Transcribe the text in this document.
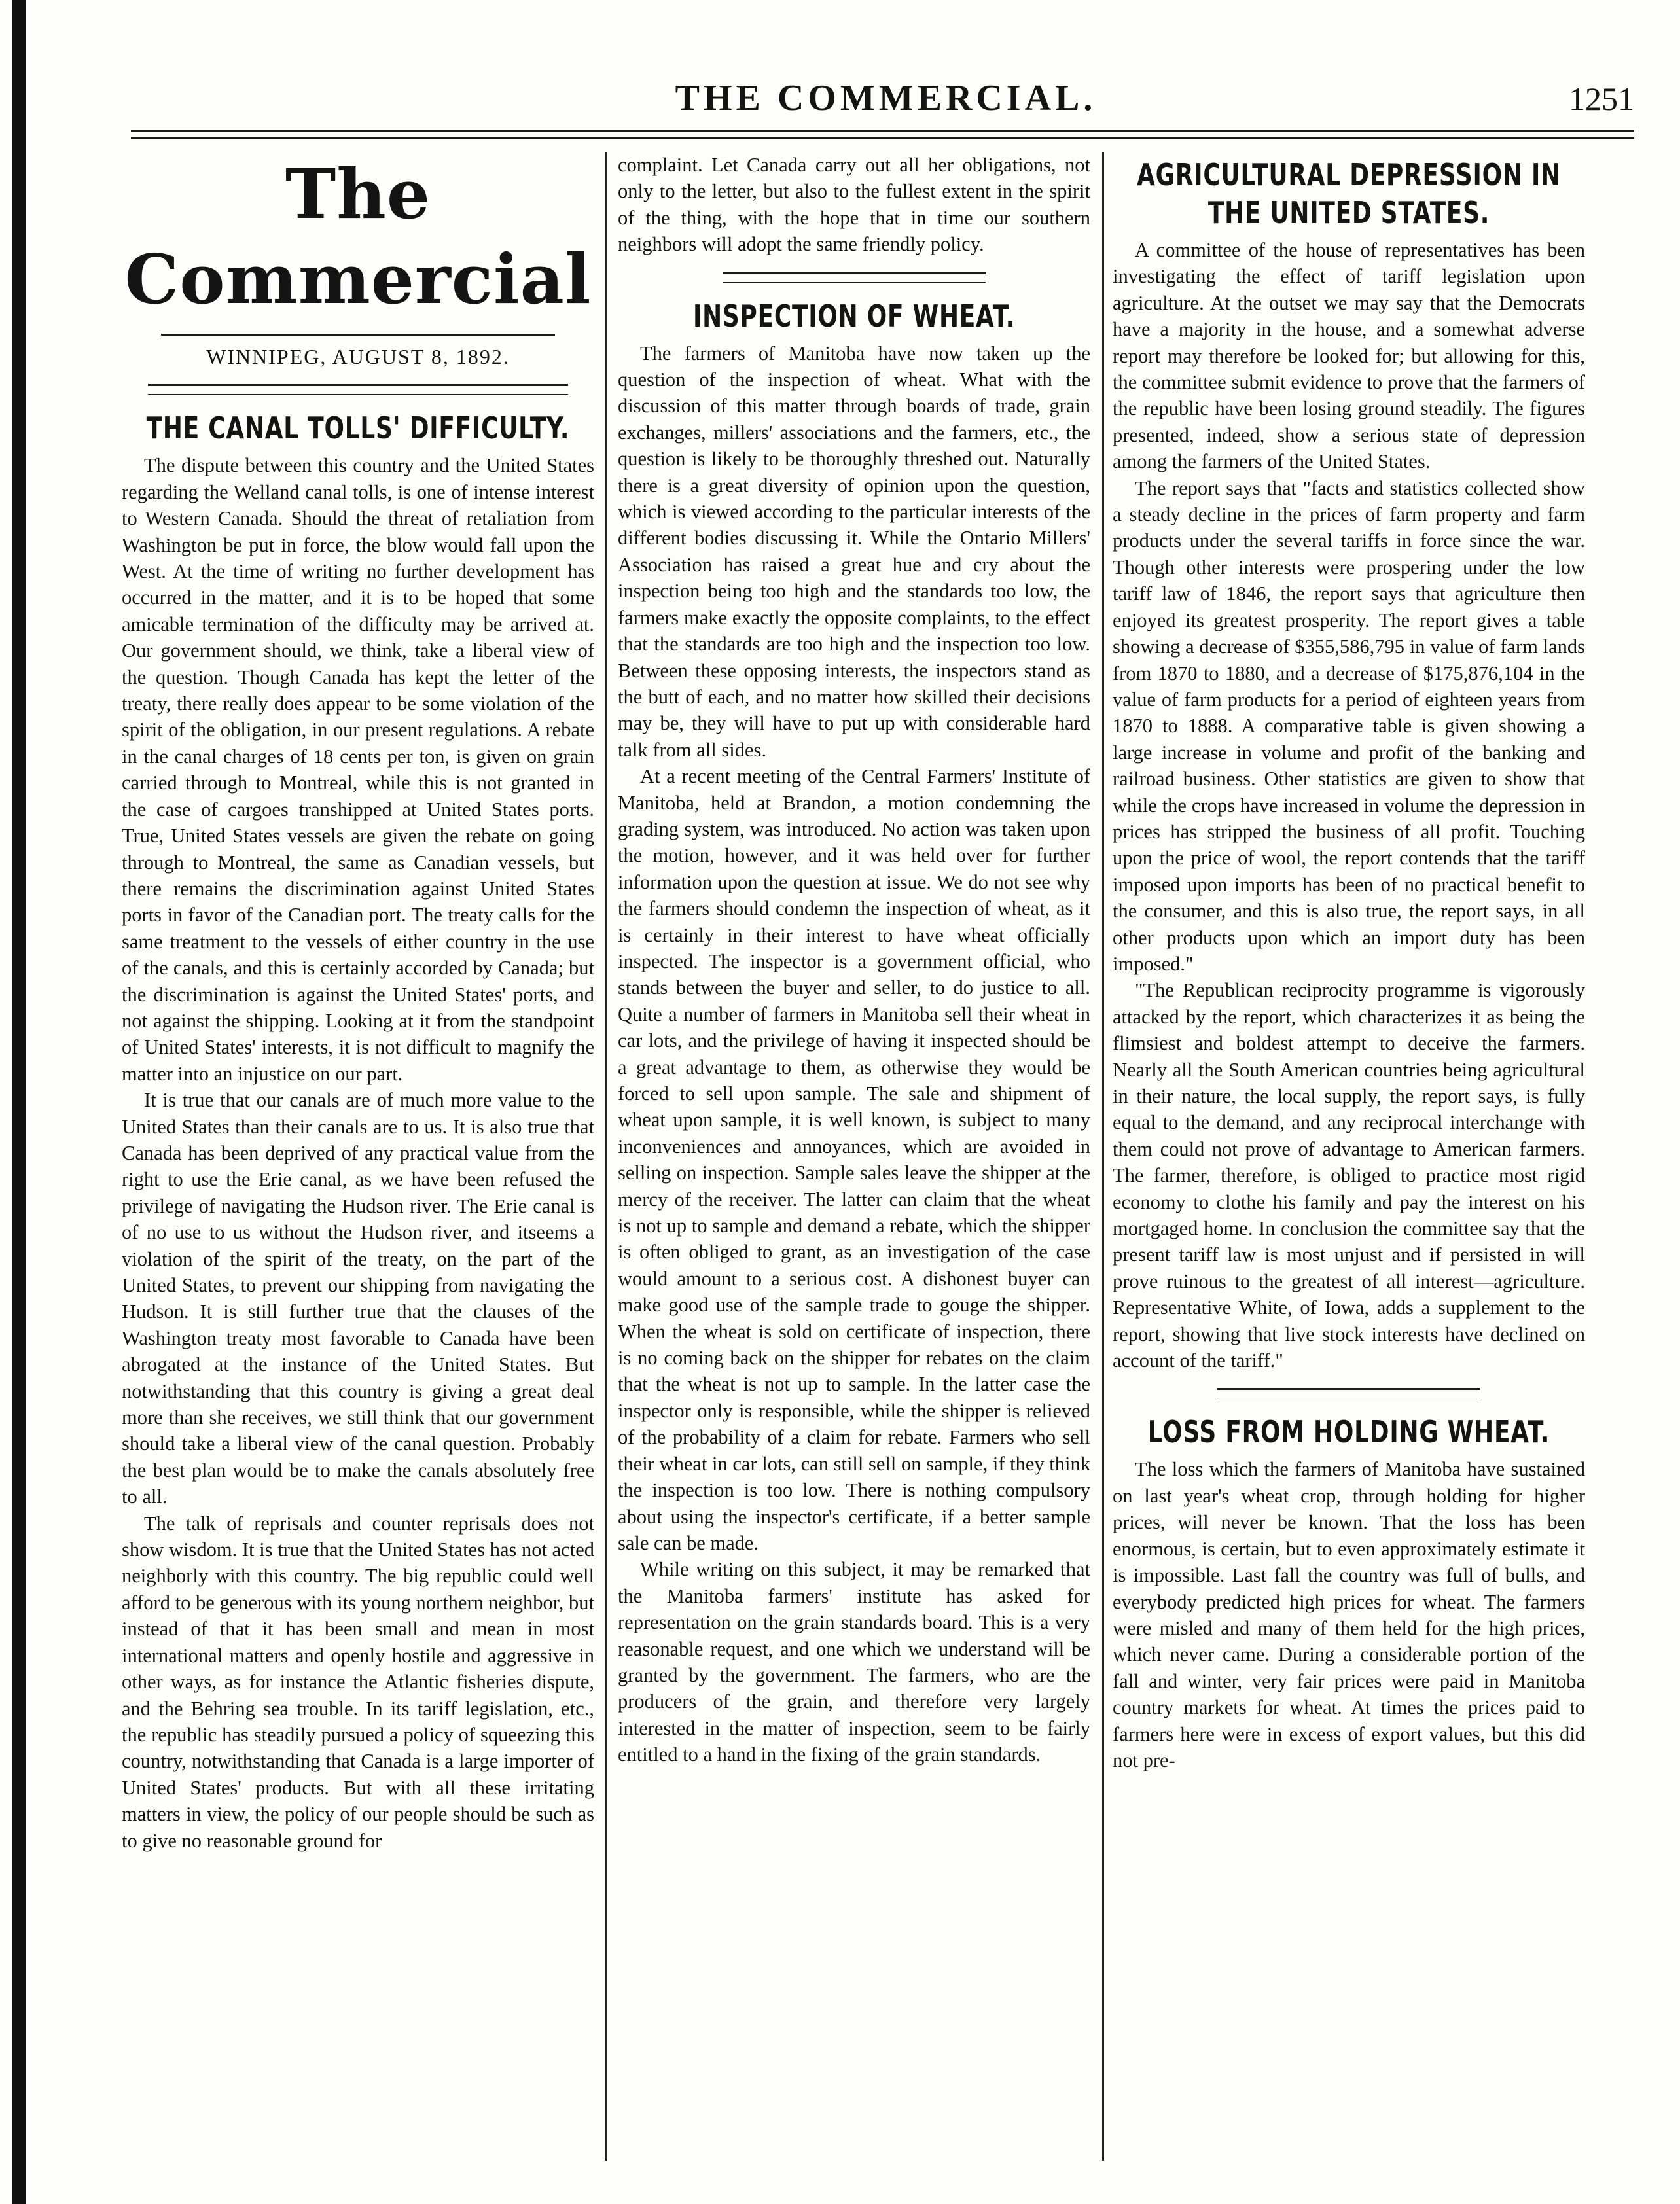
THE COMMERCIAL.	1251
The Commercial
WINNIPEG, AUGUST 8, 1892.
THE CANAL TOLLS' DIFFICULTY.

The dispute between this country and the United States regarding the Welland canal tolls, is one of intense interest to Western Canada. Should the threat of retaliation from Washington be put in force, the blow would fall upon the West. At the time of writing no further development has occurred in the matter, and it is to be hoped that some amicable termination of the difficulty may be arrived at. Our government should, we think, take a liberal view of the question. Though Canada has kept the letter of the treaty, there really does appear to be some violation of the spirit of the obligation, in our present regulations. A rebate in the canal charges of 18 cents per ton, is given on grain carried through to Montreal, while this is not granted in the case of cargoes transhipped at United States ports. True, United States vessels are given the rebate on going through to Montreal, the same as Canadian vessels, but there remains the discrimination against United States ports in favor of the Canadian port. The treaty calls for the same treatment to the vessels of either country in the use of the canals, and this is certainly accorded by Canada; but the discrimination is against the United States' ports, and not against the shipping. Looking at it from the standpoint of United States' interests, it is not difficult to magnify the matter into an injustice on our part.

It is true that our canals are of much more value to the United States than their canals are to us. It is also true that Canada has been deprived of any practical value from the right to use the Erie canal, as we have been refused the privilege of navigating the Hudson river. The Erie canal is of no use to us without the Hudson river, and itseems a violation of the spirit of the treaty, on the part of the United States, to prevent our shipping from navigating the Hudson. It is still further true that the clauses of the Washington treaty most favorable to Canada have been abrogated at the instance of the United States. But notwithstanding that this country is giving a great deal more than she receives, we still think that our government should take a liberal view of the canal question. Probably the best plan would be to make the canals absolutely free to all.

The talk of reprisals and counter reprisals does not show wisdom. It is true that the United States has not acted neighborly with this country. The big republic could well afford to be generous with its young northern neighbor, but instead of that it has been small and mean in most international matters and openly hostile and aggressive in other ways, as for instance the Atlantic fisheries dispute, and the Behring sea trouble. In its tariff legislation, etc., the republic has steadily pursued a policy of squeezing this country, notwithstanding that Canada is a large importer of United States' products. But with all these irritating matters in view, the policy of our people should be such as to give no reasonable ground for

complaint. Let Canada carry out all her obligations, not only to the letter, but also to the fullest extent in the spirit of the thing, with the hope that in time our southern neighbors will adopt the same friendly policy.

INSPECTION OF WHEAT.

The farmers of Manitoba have now taken up the question of the inspection of wheat. What with the discussion of this matter through boards of trade, grain exchanges, millers' associations and the farmers, etc., the question is likely to be thoroughly threshed out. Naturally there is a great diversity of opinion upon the question, which is viewed according to the particular interests of the different bodies discussing it. While the Ontario Millers' Association has raised a great hue and cry about the inspection being too high and the standards too low, the farmers make exactly the opposite complaints, to the effect that the standards are too high and the inspection too low. Between these opposing interests, the inspectors stand as the butt of each, and no matter how skilled their decisions may be, they will have to put up with considerable hard talk from all sides.

At a recent meeting of the Central Farmers' Institute of Manitoba, held at Brandon, a motion condemning the grading system, was introduced. No action was taken upon the motion, however, and it was held over for further information upon the question at issue. We do not see why the farmers should condemn the inspection of wheat, as it is certainly in their interest to have wheat officially inspected. The inspector is a government official, who stands between the buyer and seller, to do justice to all. Quite a number of farmers in Manitoba sell their wheat in car lots, and the privilege of having it inspected should be a great advantage to them, as otherwise they would be forced to sell upon sample. The sale and shipment of wheat upon sample, it is well known, is subject to many inconveniences and annoyances, which are avoided in selling on inspection. Sample sales leave the shipper at the mercy of the receiver. The latter can claim that the wheat is not up to sample and demand a rebate, which the shipper is often obliged to grant, as an investigation of the case would amount to a serious cost. A dishonest buyer can make good use of the sample trade to gouge the shipper. When the wheat is sold on certificate of inspection, there is no coming back on the shipper for rebates on the claim that the wheat is not up to sample. In the latter case the inspector only is responsible, while the shipper is relieved of the probability of a claim for rebate. Farmers who sell their wheat in car lots, can still sell on sample, if they think the inspection is too low. There is nothing compulsory about using the inspector's certificate, if a better sample sale can be made.

While writing on this subject, it may be remarked that the Manitoba farmers' institute has asked for representation on the grain standards board. This is a very reasonable request, and one which we understand will be granted by the government. The farmers, who are the producers of the grain, and therefore very largely interested in the matter of inspection, seem to be fairly entitled to a hand in the fixing of the grain standards.

AGRICULTURAL DEPRESSION IN THE UNITED STATES.

A committee of the house of representatives has been investigating the effect of tariff legislation upon agriculture. At the outset we may say that the Democrats have a majority in the house, and a somewhat adverse report may therefore be looked for; but allowing for this, the committee submit evidence to prove that the farmers of the republic have been losing ground steadily. The figures presented, indeed, show a serious state of depression among the farmers of the United States.

The report says that "facts and statistics collected show a steady decline in the prices of farm property and farm products under the several tariffs in force since the war. Though other interests were prospering under the low tariff law of 1846, the report says that agriculture then enjoyed its greatest prosperity. The report gives a table showing a decrease of $355,586,795 in value of farm lands from 1870 to 1880, and a decrease of $175,876,104 in the value of farm products for a period of eighteen years from 1870 to 1888. A comparative table is given showing a large increase in volume and profit of the banking and railroad business. Other statistics are given to show that while the crops have increased in volume the depression in prices has stripped the business of all profit. Touching upon the price of wool, the report contends that the tariff imposed upon imports has been of no practical benefit to the consumer, and this is also true, the report says, in all other products upon which an import duty has been imposed."

"The Republican reciprocity programme is vigorously attacked by the report, which characterizes it as being the flimsiest and boldest attempt to deceive the farmers. Nearly all the South American countries being agricultural in their nature, the local supply, the report says, is fully equal to the demand, and any reciprocal interchange with them could not prove of advantage to American farmers. The farmer, therefore, is obliged to practice most rigid economy to clothe his family and pay the interest on his mortgaged home. In conclusion the committee say that the present tariff law is most unjust and if persisted in will prove ruinous to the greatest of all interest—agriculture. Representative White, of Iowa, adds a supplement to the report, showing that live stock interests have declined on account of the tariff."

LOSS FROM HOLDING WHEAT.

The loss which the farmers of Manitoba have sustained on last year's wheat crop, through holding for higher prices, will never be known. That the loss has been enormous, is certain, but to even approximately estimate it is impossible. Last fall the country was full of bulls, and everybody predicted high prices for wheat. The farmers were misled and many of them held for the high prices, which never came. During a considerable portion of the fall and winter, very fair prices were paid in Manitoba country markets for wheat. At times the prices paid to farmers here were in excess of export values, but this did not pre-
